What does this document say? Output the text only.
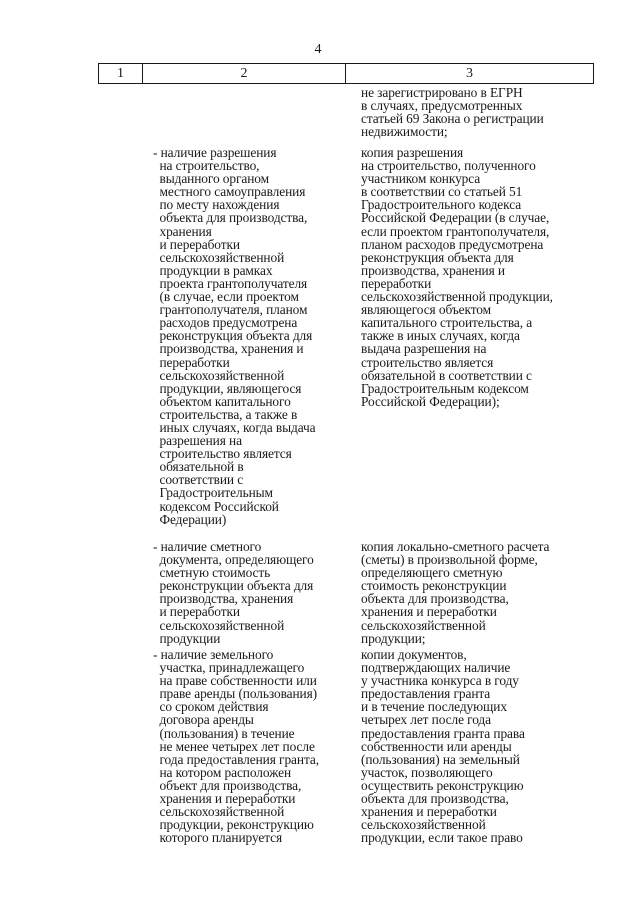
4
1	2	3
не зарегистрировано в ЕГРН
в случаях, предусмотренных
статьей 69 Закона о регистрации
недвижимости;
- наличие разрешения
на строительство,
выданного органом
местного самоуправления
по месту нахождения
объекта для производства,
хранения
и переработки
сельскохозяйственной
продукции в рамках
проекта грантополучателя
(в случае, если проектом
грантополучателя, планом
расходов предусмотрена
реконструкция объекта для
производства, хранения и
переработки
сельскохозяйственной
продукции, являющегося
объектом капитального
строительства, а также в
иных случаях, когда выдача
разрешения на
строительство является
обязательной в
соответствии с
Градостроительным
кодексом Российской
Федерации)
копия разрешения
на строительство, полученного
участником конкурса
в соответствии со статьей 51
Градостроительного кодекса
Российской Федерации (в случае,
если проектом грантополучателя,
планом расходов предусмотрена
реконструкция объекта для
производства, хранения и
переработки
сельскохозяйственной продукции,
являющегося объектом
капитального строительства, а
также в иных случаях, когда
выдача разрешения на
строительство является
обязательной в соответствии с
Градостроительным кодексом
Российской Федерации);
- наличие сметного
документа, определяющего
сметную стоимость
реконструкции объекта для
производства, хранения
и переработки
сельскохозяйственной
продукции
копия локально-сметного расчета
(сметы) в произвольной форме,
определяющего сметную
стоимость реконструкции
объекта для производства,
хранения и переработки
сельскохозяйственной
продукции;
- наличие земельного
участка, принадлежащего
на праве собственности или
праве аренды (пользования)
со сроком действия
договора аренды
(пользования) в течение
не менее четырех лет после
года предоставления гранта,
на котором расположен
объект для производства,
хранения и переработки
сельскохозяйственной
продукции, реконструкцию
которого планируется
копии документов,
подтверждающих наличие
у участника конкурса в году
предоставления гранта
и в течение последующих
четырех лет после года
предоставления гранта права
собственности или аренды
(пользования) на земельный
участок, позволяющего
осуществить реконструкцию
объекта для производства,
хранения и переработки
сельскохозяйственной
продукции, если такое право
